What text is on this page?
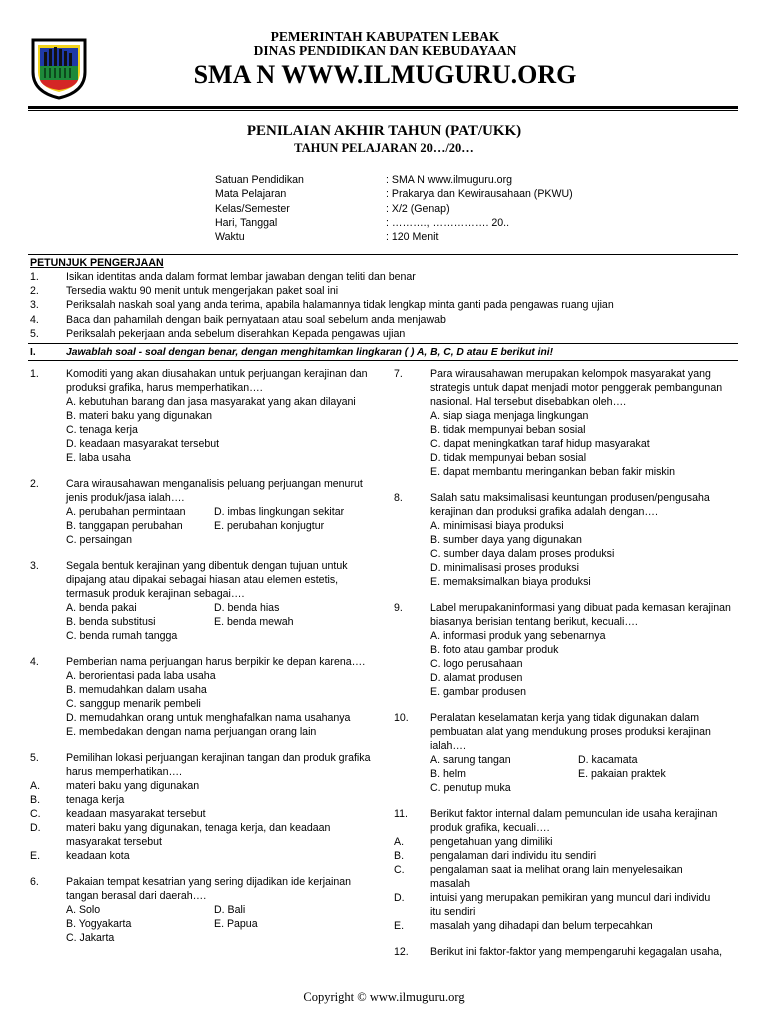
PEMERINTAH KABUPATEN LEBAK
DINAS PENDIDIKAN DAN KEBUDAYAAN
SMA N WWW.ILMUGURU.ORG
PENILAIAN AKHIR TAHUN (PAT/UKK)
TAHUN PELAJARAN 20…/20…
Satuan Pendidikan	: SMA N www.ilmuguru.org
Mata Pelajaran	: Prakarya dan Kewirausahaan (PKWU)
Kelas/Semester	: X/2 (Genap)
Hari, Tanggal	: ………., ……………. 20..
Waktu	: 120 Menit
PETUNJUK PENGERJAAN
1.	Isikan identitas anda dalam format lembar jawaban dengan teliti dan benar
2.	Tersedia waktu 90 menit untuk mengerjakan paket soal ini
3.	Periksalah naskah soal yang anda terima, apabila halamannya tidak lengkap minta ganti pada pengawas ruang ujian
4.	Baca dan pahamilah dengan baik pernyataan atau soal sebelum anda menjawab
5.	Periksalah pekerjaan anda sebelum diserahkan Kepada pengawas ujian
I.	Jawablah soal - soal dengan benar, dengan menghitamkan lingkaran ( ) A, B, C, D atau E berikut ini!
1.	Komoditi yang akan diusahakan untuk perjuangan kerajinan dan
produksi grafika, harus memperhatikan….
A. kebutuhan barang dan jasa masyarakat yang akan dilayani
B. materi baku yang digunakan
C. tenaga kerja
D. keadaan masyarakat tersebut
E. laba usaha
2.	Cara wirausahawan menganalisis peluang perjuangan menurut
jenis produk/jasa ialah….
A. perubahan permintaan	D. imbas lingkungan sekitar
B. tanggapan perubahan	E. perubahan konjugtur
C. persaingan
3.	Segala bentuk kerajinan yang dibentuk dengan tujuan untuk
dipajang atau dipakai sebagai hiasan atau elemen estetis,
termasuk produk kerajinan sebagai….
A. benda pakai	D. benda hias
B. benda substitusi	E. benda mewah
C. benda rumah tangga
4.	Pemberian nama perjuangan harus berpikir ke depan karena….
A. berorientasi pada laba usaha
B. memudahkan dalam usaha
C. sanggup menarik pembeli
D. memudahkan orang untuk menghafalkan nama usahanya
E. membedakan dengan nama perjuangan orang lain
5.	Pemilihan lokasi perjuangan kerajinan tangan dan produk grafika
harus memperhatikan….
A.	materi baku yang digunakan
B.	tenaga kerja
C.	keadaan masyarakat tersebut
D.	materi baku yang digunakan, tenaga kerja, dan keadaan
masyarakat tersebut
E.	keadaan kota
6.	Pakaian tempat kesatrian yang sering dijadikan ide kerjainan
tangan berasal dari daerah….
A. Solo	D. Bali
B. Yogyakarta	E. Papua
C. Jakarta
7.	Para wirausahawan merupakan kelompok masyarakat yang
strategis untuk dapat menjadi motor penggerak pembangunan
nasional. Hal tersebut disebabkan oleh….
A. siap siaga menjaga lingkungan
B. tidak mempunyai beban sosial
C. dapat meningkatkan taraf hidup masyarakat
D. tidak mempunyai beban sosial
E. dapat membantu meringankan beban fakir miskin
8.	Salah satu maksimalisasi keuntungan produsen/pengusaha
kerajinan dan produksi grafika adalah dengan….
A. minimisasi biaya produksi
B. sumber daya yang digunakan
C. sumber daya dalam proses produksi
D. minimalisasi proses produksi
E. memaksimalkan biaya produksi
9.	Label merupakaninformasi yang dibuat pada kemasan kerajinan
biasanya berisian tentang berikut, kecuali….
A. informasi produk yang sebenarnya
B. foto atau gambar produk
C. logo perusahaan
D. alamat produsen
E. gambar produsen
10. Peralatan keselamatan kerja yang tidak digunakan dalam
pembuatan alat yang mendukung proses produksi kerajinan
ialah….
A. sarung tangan	D. kacamata
B. helm	E. pakaian praktek
C. penutup muka
11. Berikut faktor internal dalam pemunculan ide usaha kerajinan
produk grafika, kecuali….
A.	pengetahuan yang dimiliki
B.	pengalaman dari individu itu sendiri
C.	pengalaman saat ia melihat orang lain menyelesaikan
masalah
D.	intuisi yang merupakan pemikiran yang muncul dari individu
itu sendiri
E.	masalah yang dihadapi dan belum terpecahkan
12. Berikut ini faktor-faktor yang mempengaruhi kegagalan usaha,
Copyright © www.ilmuguru.org
